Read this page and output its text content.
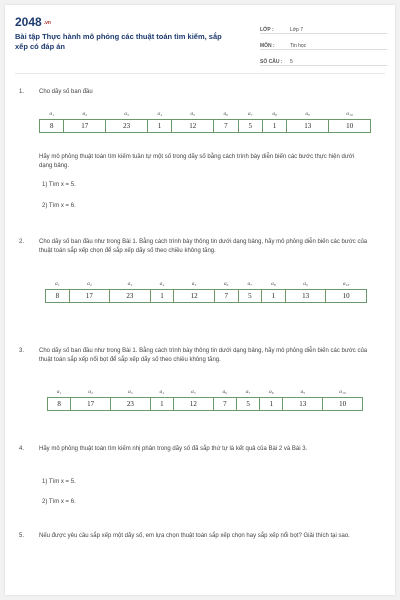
2048 .vn
Bài tập Thực hành mô phỏng các thuật toán tìm kiếm, sắp xếp có đáp án
LỚP :	Lớp 7
MÔN :	Tin học
SỐ CÂU :	5
1.	Cho dãy số ban đầu
a₁	a₂	a₃	a₄	a₅	a₆	a₇	a₈	a₉	a₁₀
8	17	23	1	12	7	5	1	13	10
Hãy mô phỏng thuật toán tìm kiếm tuần tự một số trong dãy số bằng cách trình bày diễn biến các bước thực hiện dưới dạng bảng.
1) Tìm x = 5.
2) Tìm x = 6.
2.	Cho dãy số ban đầu như trong Bài 1. Bằng cách trình bày thông tin dưới dạng bảng, hãy mô phỏng diễn biến các bước của thuật toán sắp xếp chọn để sắp xếp dãy số theo chiều không tăng.
a₁	a₂	a₃	a₄	a₅	a₆	a₇	a₈	a₉	a₁₀
8	17	23	1	12	7	5	1	13	10
3.	Cho dãy số ban đầu như trong Bài 1. Bằng cách trình bày thông tin dưới dạng bảng, hãy mô phỏng diễn biến các bước của thuật toán sắp xếp nổi bọt để sắp xếp dãy số theo chiều không tăng.
a₁	a₂	a₃	a₄	a₅	a₆	a₇	a₈	a₉	a₁₀
8	17	23	1	12	7	5	1	13	10
4.	Hãy mô phỏng thuật toán tìm kiếm nhị phân trong dãy số đã sắp thứ tự là kết quả của Bài 2 và Bài 3.
1) Tìm x = 5.
2) Tìm x = 6.
5.	Nếu được yêu cầu sắp xếp một dãy số, em lựa chọn thuật toán sắp xếp chọn hay sắp xếp nổi bọt? Giải thích tại sao.
